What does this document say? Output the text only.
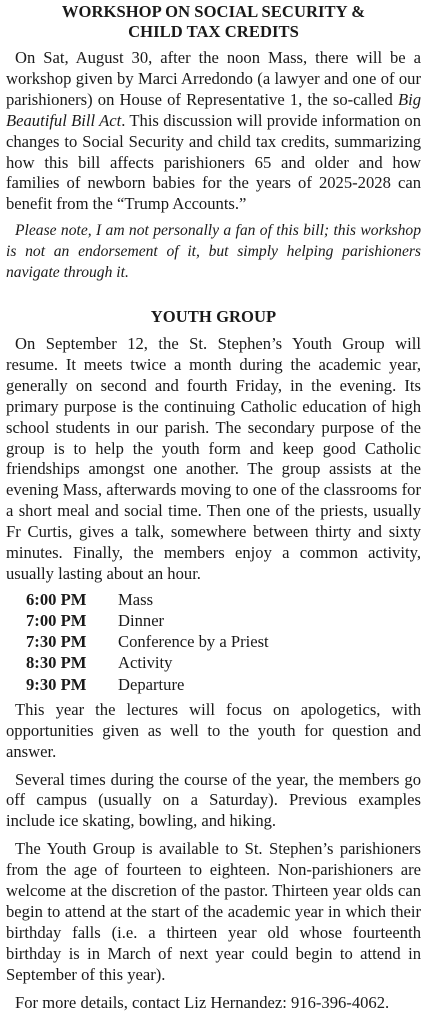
WORKSHOP ON SOCIAL SECURITY &
CHILD TAX CREDITS

On Sat, August 30, after the noon Mass, there will be a workshop given by Marci Arredondo (a lawyer and one of our parishioners) on House of Representative 1, the so-called Big Beautiful Bill Act. This discussion will provide information on changes to Social Security and child tax credits, summarizing how this bill affects parishioners 65 and older and how families of newborn babies for the years of 2025-2028 can benefit from the “Trump Accounts.”

Please note, I am not personally a fan of this bill; this workshop is not an endorsement of it, but simply helping parishioners navigate through it.

YOUTH GROUP

On September 12, the St. Stephen’s Youth Group will resume. It meets twice a month during the academic year, generally on second and fourth Friday, in the evening. Its primary purpose is the continuing Catholic education of high school students in our parish. The secondary purpose of the group is to help the youth form and keep good Catholic friendships amongst one another. The group assists at the evening Mass, afterwards moving to one of the classrooms for a short meal and social time. Then one of the priests, usually Fr Curtis, gives a talk, somewhere between thirty and sixty minutes. Finally, the members enjoy a common activity, usually lasting about an hour.

6:00 PM	Mass
7:00 PM	Dinner
7:30 PM	Conference by a Priest
8:30 PM	Activity
9:30 PM	Departure

This year the lectures will focus on apologetics, with opportunities given as well to the youth for question and answer.

Several times during the course of the year, the members go off campus (usually on a Saturday). Previous examples include ice skating, bowling, and hiking.

The Youth Group is available to St. Stephen’s parishioners from the age of fourteen to eighteen. Non-parishioners are welcome at the discretion of the pastor. Thirteen year olds can begin to attend at the start of the academic year in which their birthday falls (i.e. a thirteen year old whose fourteenth birthday is in March of next year could begin to attend in September of this year).

For more details, contact Liz Hernandez: 916-396-4062.
